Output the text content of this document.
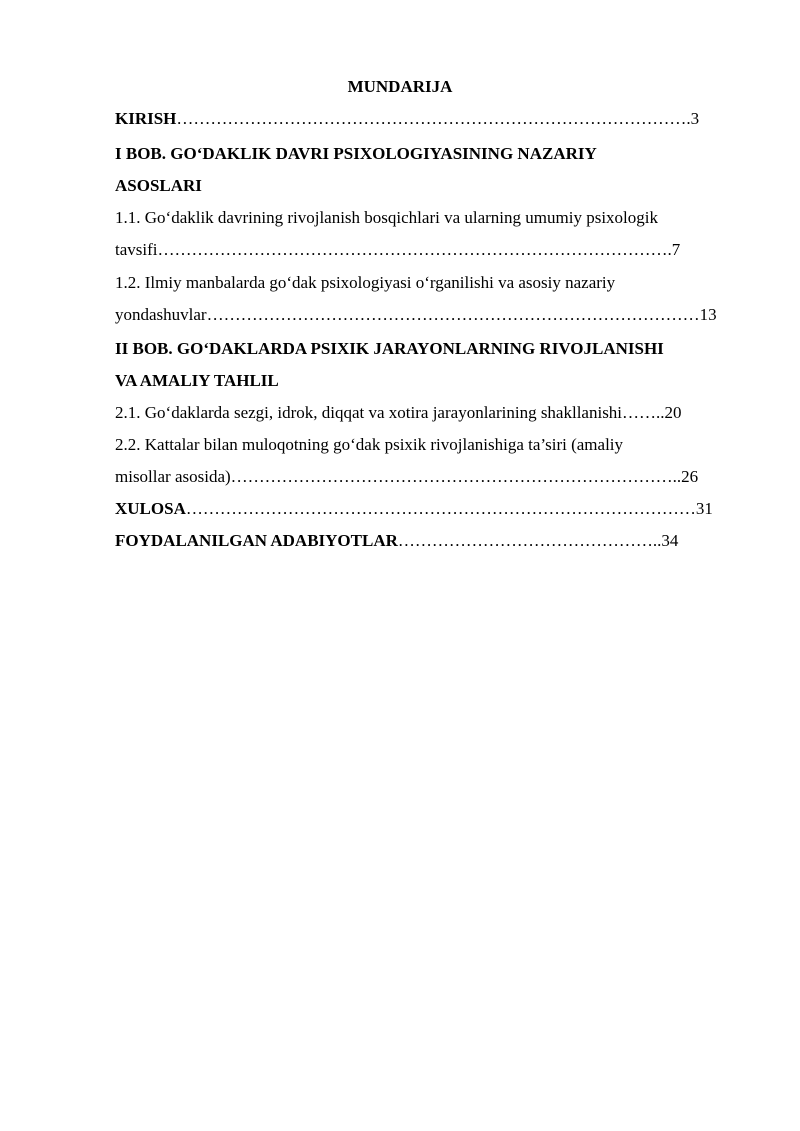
MUNDARIJA
KIRISH……………………………………………………………………………….3
I BOB. GO‘DAKLIK DAVRI PSIXOLOGIYASINING NAZARIY
ASOSLARI
1.1. Go‘daklik davrining rivojlanish bosqichlari va ularning umumiy psixologik
tavsifi……………………………………………………………………………….7
1.2. Ilmiy manbalarda go‘dak psixologiyasi o‘rganilishi va asosiy nazariy
yondashuvlar……………………………………………………………………………13
II BOB. GO‘DAKLARDA PSIXIK JARAYONLARNING RIVOJLANISHI
VA AMALIY TAHLIL
2.1. Go‘daklarda sezgi, idrok, diqqat va xotira jarayonlarining shakllanishi……..20
2.2. Kattalar bilan muloqotning go‘dak psixik rivojlanishiga ta’siri (amaliy
misollar asosida)……………………………………………………………………..26
XULOSA………………………………………………………………………………31
FOYDALANILGAN ADABIYOTLAR………………………………………..34
